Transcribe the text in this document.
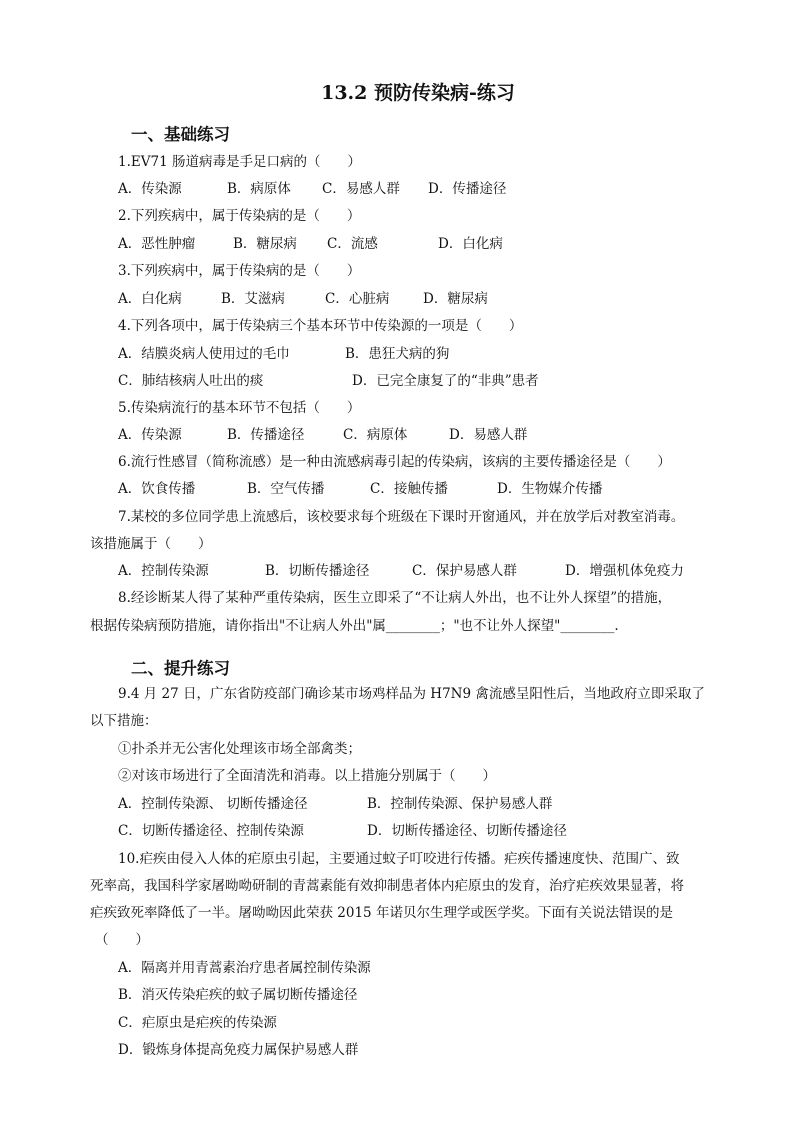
13.2 预防传染病-练习
一、基础练习
1.EV71 肠道病毒是手足口病的（　　）
A．传染源	B．病原体 C．易感人群 D．传播途径
2.下列疾病中，属于传染病的是（　　）
A．恶性肿瘤	B．糖尿病 C．流感	D．白化病
3.下列疾病中，属于传染病的是（　　）
A．白化病	B．艾滋病	C．心脏病 D．糖尿病
4.下列各项中，属于传染病三个基本环节中传染源的一项是（　　）
A．结膜炎病人使用过的毛巾	B．患狂犬病的狗
C．肺结核病人吐出的痰	D．已完全康复了的“非典”患者
5.传染病流行的基本环节不包括（　　）
A．传染源	B．传播途径	C．病原体	D．易感人群
6.流行性感冒（简称流感）是一种由流感病毒引起的传染病，该病的主要传播途径是（　　）
A．饮食传播	B．空气传播	C．接触传播	D．生物媒介传播
7.某校的多位同学患上流感后，该校要求每个班级在下课时开窗通风，并在放学后对教室消毒。
该措施属于（　　）
A．控制传染源	B．切断传播途径	C．保护易感人群	D．增强机体免疫力
8.经诊断某人得了某种严重传染病，医生立即采了“不让病人外出，也不让外人探望”的措施，
根据传染病预防措施，请你指出"不让病人外出"属________；"也不让外人探望"________.
二、提升练习
9.4 月 27 日，广东省防疫部门确诊某市场鸡样品为 H7N9 禽流感呈阳性后，当地政府立即采取了
以下措施：
①扑杀并无公害化处理该市场全部禽类；
②对该市场进行了全面清洗和消毒。以上措施分别属于（　　）
A．控制传染源、 切断传播途径	B．控制传染源、保护易感人群
C．切断传播途径、控制传染源	D．切断传播途径、切断传播途径
10.疟疾由侵入人体的疟原虫引起，主要通过蚊子叮咬进行传播。疟疾传播速度快、范围广、致
死率高，我国科学家屠呦呦研制的青蒿素能有效抑制患者体内疟原虫的发育，治疗疟疾效果显著，将
疟疾致死率降低了一半。屠呦呦因此荣获 2015 年诺贝尔生理学或医学奖。下面有关说法错误的是
（　　）
A．隔离并用青蒿素治疗患者属控制传染源
B．消灭传染疟疾的蚊子属切断传播途径
C．疟原虫是疟疾的传染源
D．锻炼身体提高免疫力属保护易感人群
